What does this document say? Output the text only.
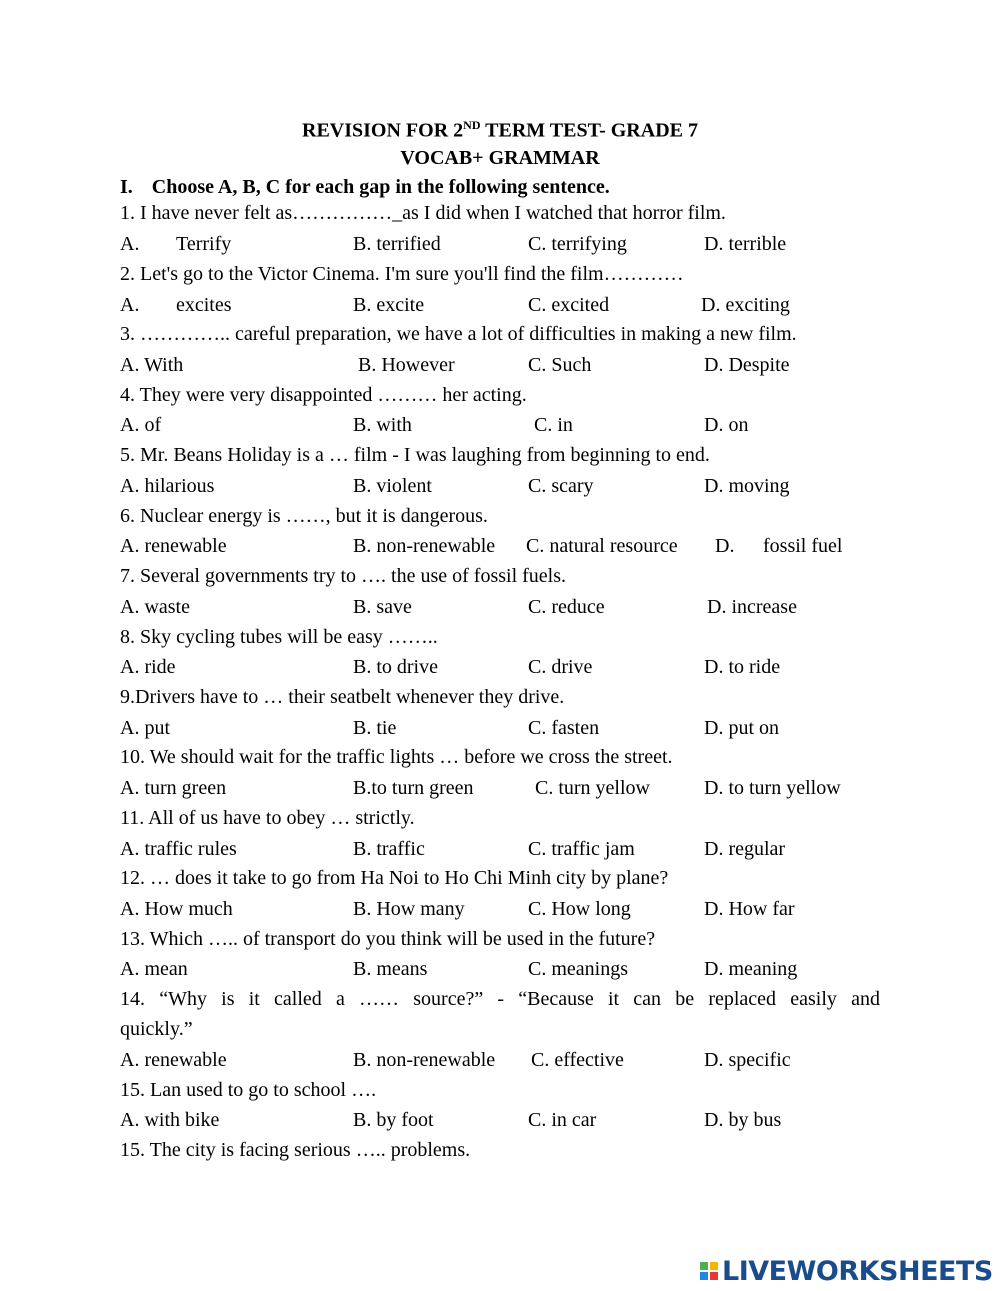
REVISION FOR 2ND TERM TEST- GRADE 7
VOCAB+ GRAMMAR
I. Choose A, B, C for each gap in the following sentence.
1. I have never felt as……………_as I did when I watched that horror film.
A. Terrify	B. terrified	C. terrifying	D. terrible
2. Let's go to the Victor Cinema. I'm sure you'll find the film…………
A. excites	B. excite	C. excited	D. exciting
3. ………….. careful preparation, we have a lot of difficulties in making a new film.
A. With	B. However	C. Such	D. Despite
4. They were very disappointed ……… her acting.
A. of	B. with	C. in	D. on
5. Mr. Beans Holiday is a … film - I was laughing from beginning to end.
A. hilarious	B. violent	C. scary	D. moving
6. Nuclear energy is ……, but it is dangerous.
A. renewable	B. non-renewable C. natural resource D. fossil fuel
7. Several governments try to …. the use of fossil fuels.
A. waste	B. save	C. reduce	D. increase
8. Sky cycling tubes will be easy ……..
A. ride	B. to drive	C. drive	D. to ride
9.Drivers have to … their seatbelt whenever they drive.
A. put	B. tie	C. fasten	D. put on
10. We should wait for the traffic lights … before we cross the street.
A. turn green	B.to turn green	C. turn yellow	D. to turn yellow
11. All of us have to obey … strictly.
A. traffic rules	B. traffic	C. traffic jam	D. regular
12. … does it take to go from Ha Noi to Ho Chi Minh city by plane?
A. How much	B. How many	C. How long	D. How far
13. Which ….. of transport do you think will be used in the future?
A. mean	B. means	C. meanings	D. meaning
14. “Why is it called a …… source?” - “Because it can be replaced easily and
quickly.”
A. renewable	B. non-renewable C. effective	D. specific
15. Lan used to go to school ….
A. with bike	B. by foot	C. in car	D. by bus
15. The city is facing serious ….. problems.
LIVEWORKSHEETS
